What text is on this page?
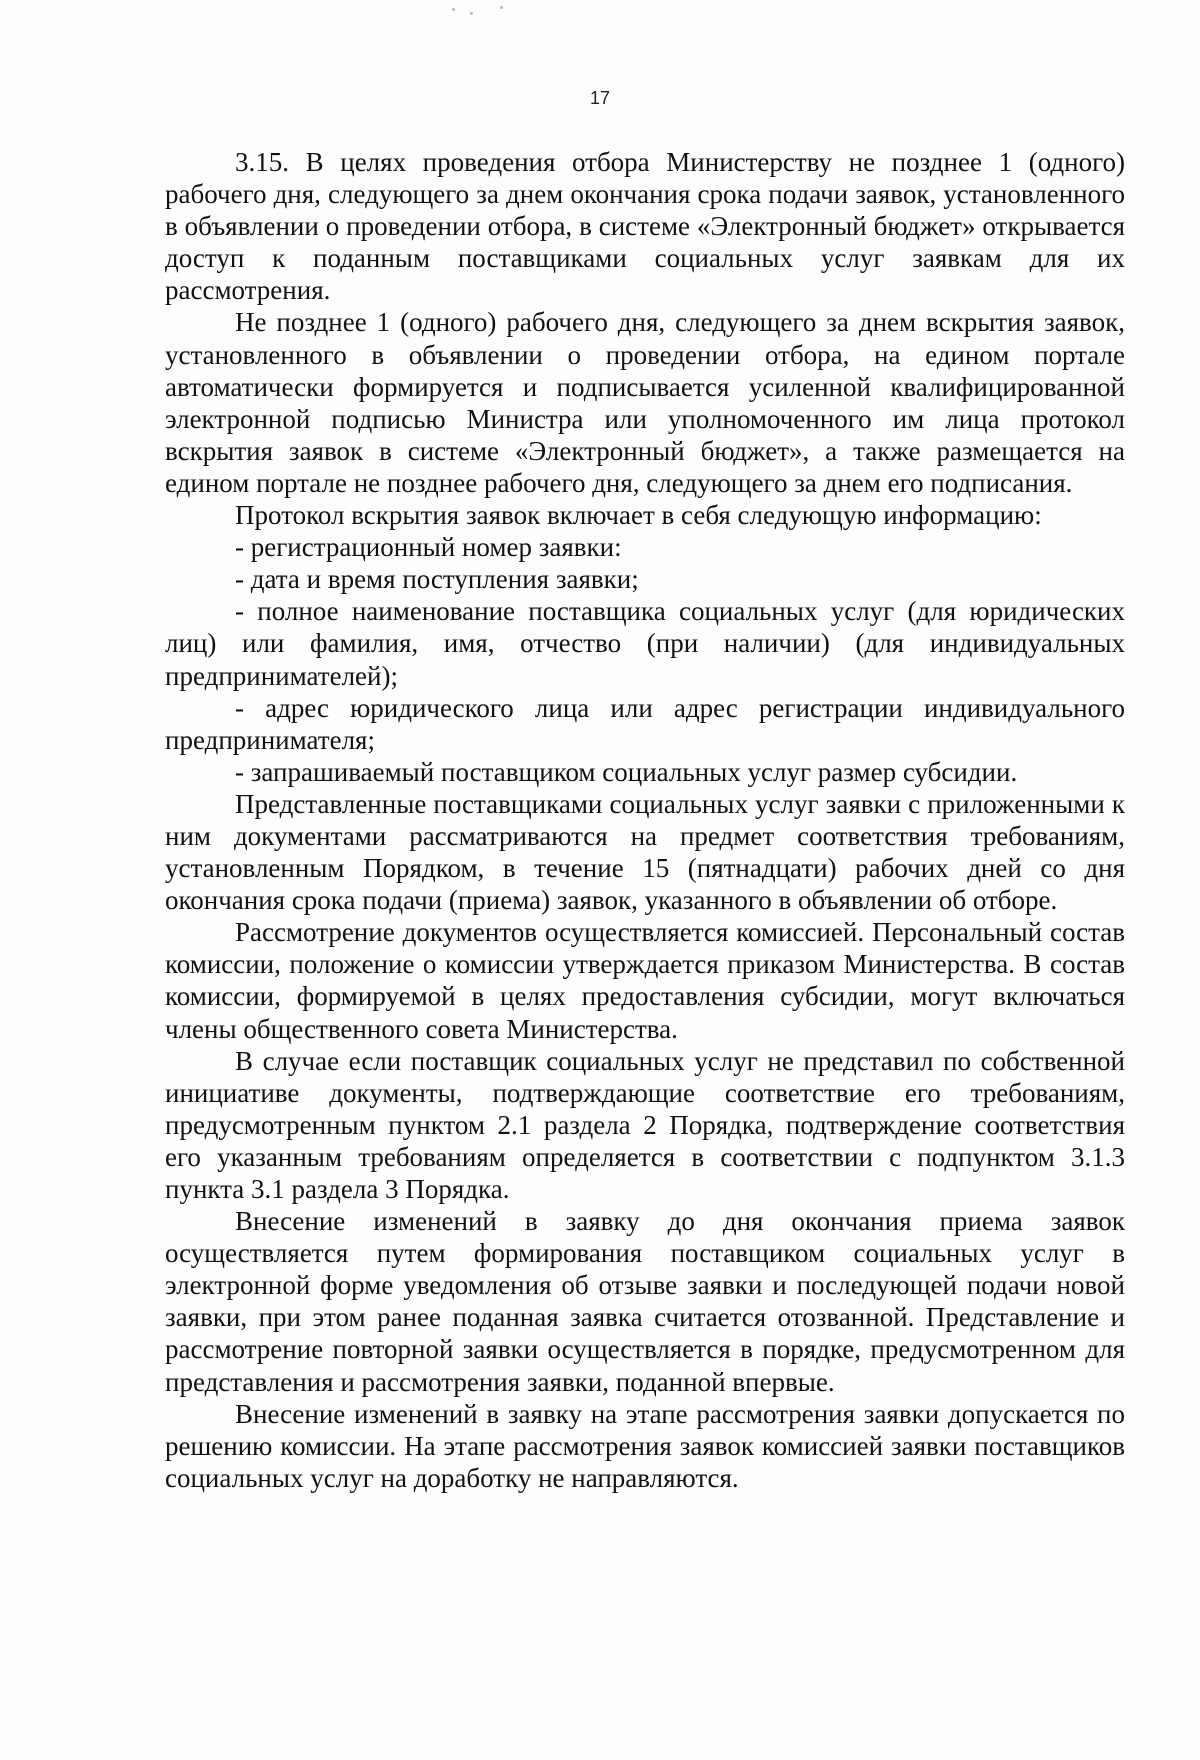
17

3.15. В целях проведения отбора Министерству не позднее 1 (одного) рабочего дня, следующего за днем окончания срока подачи заявок, установленного в объявлении о проведении отбора, в системе «Электронный бюджет» открывается доступ к поданным поставщиками социальных услуг заявкам для их рассмотрения.

Не позднее 1 (одного) рабочего дня, следующего за днем вскрытия заявок, установленного в объявлении о проведении отбора, на едином портале автоматически формируется и подписывается усиленной квалифицированной электронной подписью Министра или уполномоченного им лица протокол вскрытия заявок в системе «Электронный бюджет», а также размещается на едином портале не позднее рабочего дня, следующего за днем его подписания.

Протокол вскрытия заявок включает в себя следующую информацию:

- регистрационный номер заявки:

- дата и время поступления заявки;

- полное наименование поставщика социальных услуг (для юридических лиц) или фамилия, имя, отчество (при наличии) (для индивидуальных предпринимателей);

- адрес юридического лица или адрес регистрации индивидуального предпринимателя;

- запрашиваемый поставщиком социальных услуг размер субсидии.

Представленные поставщиками социальных услуг заявки с приложенными к ним документами рассматриваются на предмет соответствия требованиям, установленным Порядком, в течение 15 (пятнадцати) рабочих дней со дня окончания срока подачи (приема) заявок, указанного в объявлении об отборе.

Рассмотрение документов осуществляется комиссией. Персональный состав комиссии, положение о комиссии утверждается приказом Министерства. В состав комиссии, формируемой в целях предоставления субсидии, могут включаться члены общественного совета Министерства.

В случае если поставщик социальных услуг не представил по собственной инициативе документы, подтверждающие соответствие его требованиям, предусмотренным пунктом 2.1 раздела 2 Порядка, подтверждение соответствия его указанным требованиям определяется в соответствии с подпунктом 3.1.3 пункта 3.1 раздела 3 Порядка.

Внесение изменений в заявку до дня окончания приема заявок осуществляется путем формирования поставщиком социальных услуг в электронной форме уведомления об отзыве заявки и последующей подачи новой заявки, при этом ранее поданная заявка считается отозванной. Представление и рассмотрение повторной заявки осуществляется в порядке, предусмотренном для представления и рассмотрения заявки, поданной впервые.

Внесение изменений в заявку на этапе рассмотрения заявки допускается по решению комиссии. На этапе рассмотрения заявок комиссией заявки поставщиков социальных услуг на доработку не направляются.
